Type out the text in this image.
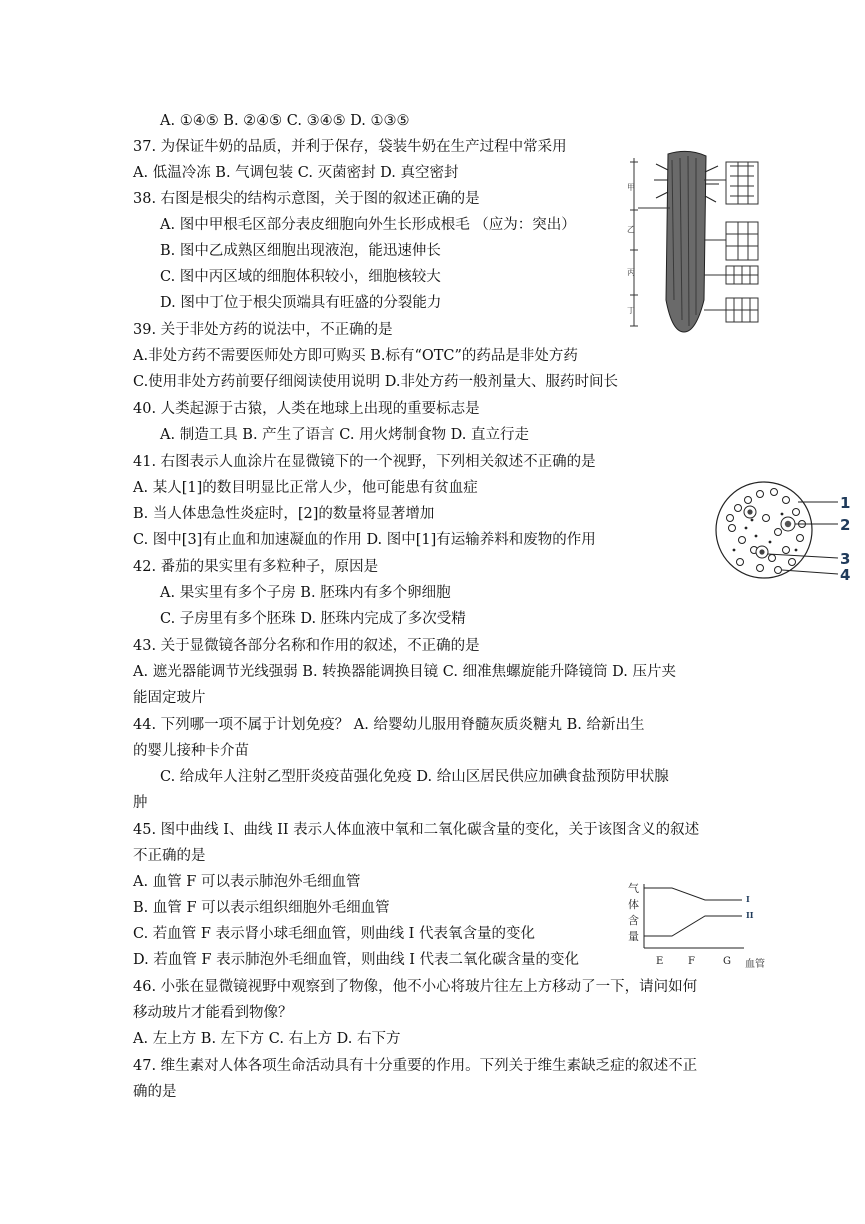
A. ①④⑤ B. ②④⑤ C. ③④⑤ D. ①③⑤
37. 为保证牛奶的品质，并利于保存，袋装牛奶在生产过程中常采用
A. 低温冷冻 B. 气调包装 C. 灭菌密封 D. 真空密封
38. 右图是根尖的结构示意图，关于图的叙述正确的是
A. 图中甲根毛区部分表皮细胞向外生长形成根毛 （应为：突出）
B. 图中乙成熟区细胞出现液泡，能迅速伸长
C. 图中丙区域的细胞体积较小，细胞核较大
D. 图中丁位于根尖顶端具有旺盛的分裂能力
39. 关于非处方药的说法中，不正确的是
A.非处方药不需要医师处方即可购买 B.标有“OTC”的药品是非处方药
C.使用非处方药前要仔细阅读使用说明 D.非处方药一般剂量大、服药时间长
40. 人类起源于古猿，人类在地球上出现的重要标志是
A. 制造工具 B. 产生了语言 C. 用火烤制食物 D. 直立行走
41. 右图表示人血涂片在显微镜下的一个视野，下列相关叙述不正确的是
A. 某人[1]的数目明显比正常人少，他可能患有贫血症
B. 当人体患急性炎症时，[2]的数量将显著增加
C. 图中[3]有止血和加速凝血的作用 D. 图中[1]有运输养料和废物的作用
42. 番茄的果实里有多粒种子，原因是
A. 果实里有多个子房 B. 胚珠内有多个卵细胞
C. 子房里有多个胚珠 D. 胚珠内完成了多次受精
43. 关于显微镜各部分名称和作用的叙述，不正确的是
A. 遮光器能调节光线强弱 B. 转换器能调换目镜 C. 细准焦螺旋能升降镜筒 D. 压片夹
能固定玻片
44. 下列哪一项不属于计划免疫？ A. 给婴幼儿服用脊髓灰质炎糖丸 B. 给新出生
的婴儿接种卡介苗
C. 给成年人注射乙型肝炎疫苗强化免疫 D. 给山区居民供应加碘食盐预防甲状腺
肿
45. 图中曲线 I、曲线 II 表示人体血液中氧和二氧化碳含量的变化，关于该图含义的叙述
不正确的是
A. 血管 F 可以表示肺泡外毛细血管
B. 血管 F 可以表示组织细胞外毛细血管
C. 若血管 F 表示肾小球毛细血管，则曲线 I 代表氧含量的变化
D. 若血管 F 表示肺泡外毛细血管，则曲线 I 代表二氧化碳含量的变化
46. 小张在显微镜视野中观察到了物像，他不小心将玻片往左上方移动了一下，请问如何
移动玻片才能看到物像？
A. 左上方 B. 左下方 C. 右上方 D. 右下方
47. 维生素对人体各项生命活动具有十分重要的作用。下列关于维生素缺乏症的叙述不正
确的是
甲
乙
丙
丁
1
2
3
4
气
体
含
量
I
II
E F	G 血管
